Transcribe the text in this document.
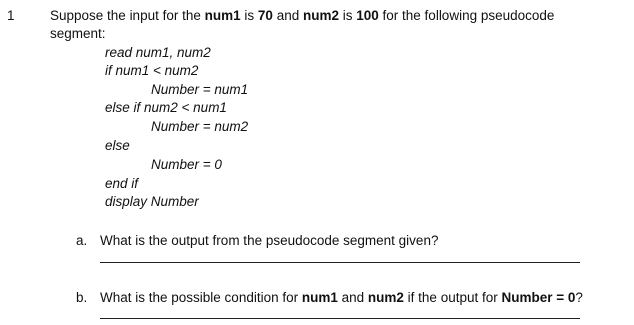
1	Suppose the input for the num1 is 70 and num2 is 100 for the following pseudocode segment:

read num1, num2

if num1 < num2

Number = num1

else if num2 < num1

Number = num2

else

Number = 0

end if

display Number

a. What is the output from the pseudocode segment given?

b. What is the possible condition for num1 and num2 if the output for Number = 0?
